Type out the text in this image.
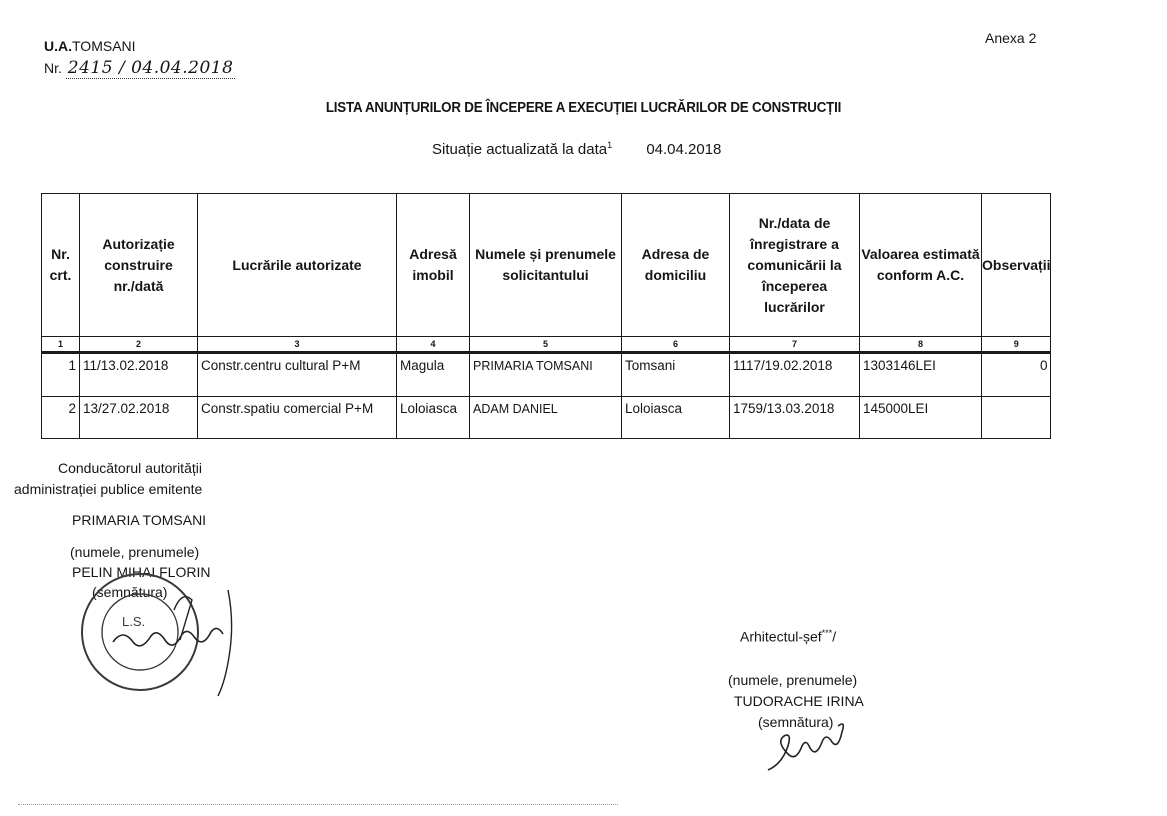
Anexa 2
U.A.TOMSANI
Nr. 2415 / 04.04.2018
LISTA ANUNȚURILOR DE ÎNCEPERE A EXECUȚIEI LUCRĂRILOR DE CONSTRUCȚII
Situație actualizată la data$^1$ 04.04.2018
Nr. crt.	Autorizație construire nr./dată	Lucrările autorizate	Adresă imobil	Numele și prenumele solicitantului	Adresa de domiciliu	Nr./data de înregistrare a comunicării la începerea lucrărilor	Valoarea estimată conform A.C.	Observații
1	2	3	4	5	6	7	8	9
1	11/13.02.2018	Constr.centru cultural P+M	Magula	PRIMARIA TOMSANI	Tomsani	1117/19.02.2018	1303146LEI	0
2	13/27.02.2018	Constr.spatiu comercial P+M	Loloiasca	ADAM DANIEL	Loloiasca	1759/13.03.2018	145000LEI	
Conducătorul autorității
administrației publice emitente
PRIMARIA TOMSANI
(numele, prenumele)
PELIN MIHAI FLORIN
(semnătura)
L.S.
Arhitectul-șef***/
(numele, prenumele)
TUDORACHE IRINA
(semnătura)
